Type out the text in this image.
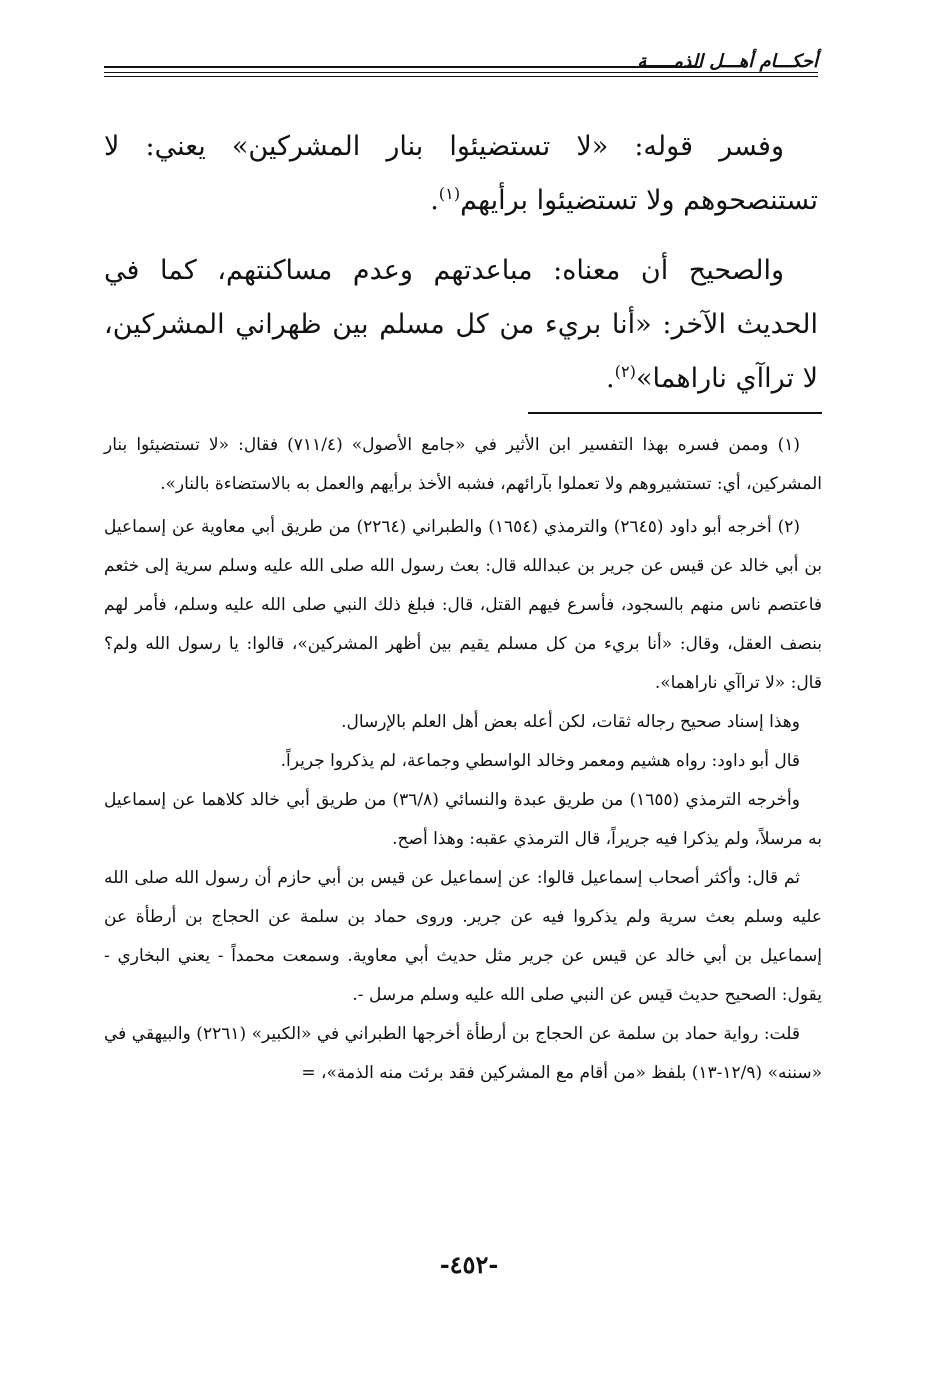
أحكـــام أهـــل الذمـــــة

وفسر قوله: «لا تستضيئوا بنار المشركين» يعني: لا تستنصحوهم ولا تستضيئوا برأيهم$^{(١)}$.

والصحيح أن معناه: مباعدتهم وعدم مساكنتهم، كما في الحديث الآخر: «أنا بريء من كل مسلم بين ظهراني المشركين، لا تراآي ناراهما»$^{(٢)}$.

(١) وممن فسره بهذا التفسير ابن الأثير في «جامع الأصول» (٧١١/٤) فقال: «لا تستضيئوا بنار المشركين، أي: تستشيروهم ولا تعملوا بآرائهم، فشبه الأخذ برأيهم والعمل به بالاستضاءة بالنار».

(٢) أخرجه أبو داود (٢٦٤٥) والترمذي (١٦٥٤) والطبراني (٢٢٦٤) من طريق أبي معاوية عن إسماعيل بن أبي خالد عن قيس عن جرير بن عبدالله قال: بعث رسول الله صلى الله عليه وسلم سرية إلى خثعم فاعتصم ناس منهم بالسجود، فأسرع فيهم القتل، قال: فبلغ ذلك النبي صلى الله عليه وسلم، فأمر لهم بنصف العقل، وقال: «أنا بريء من كل مسلم يقيم بين أظهر المشركين»، قالوا: يا رسول الله ولم؟ قال: «لا تراآي ناراهما».

وهذا إسناد صحيح رجاله ثقات، لكن أعله بعض أهل العلم بالإرسال.

قال أبو داود: رواه هشيم ومعمر وخالد الواسطي وجماعة، لم يذكروا جريراً.

وأخرجه الترمذي (١٦٥٥) من طريق عبدة والنسائي (٣٦/٨) من طريق أبي خالد كلاهما عن إسماعيل به مرسلاً، ولم يذكرا فيه جريراً، قال الترمذي عقبه: وهذا أصح.

ثم قال: وأكثر أصحاب إسماعيل قالوا: عن إسماعيل عن قيس بن أبي حازم أن رسول الله صلى الله عليه وسلم بعث سرية ولم يذكروا فيه عن جرير. وروى حماد بن سلمة عن الحجاج بن أرطأة عن إسماعيل بن أبي خالد عن قيس عن جرير مثل حديث أبي معاوية. وسمعت محمداً - يعني البخاري - يقول: الصحيح حديث قيس عن النبي صلى الله عليه وسلم مرسل -.

قلت: رواية حماد بن سلمة عن الحجاج بن أرطأة أخرجها الطبراني في «الكبير» (٢٢٦١) والبيهقي في «سننه» (١٢/٩-١٣) بلفظ «من أقام مع المشركين فقد برئت منه الذمة»، =

-٤٥٢-
